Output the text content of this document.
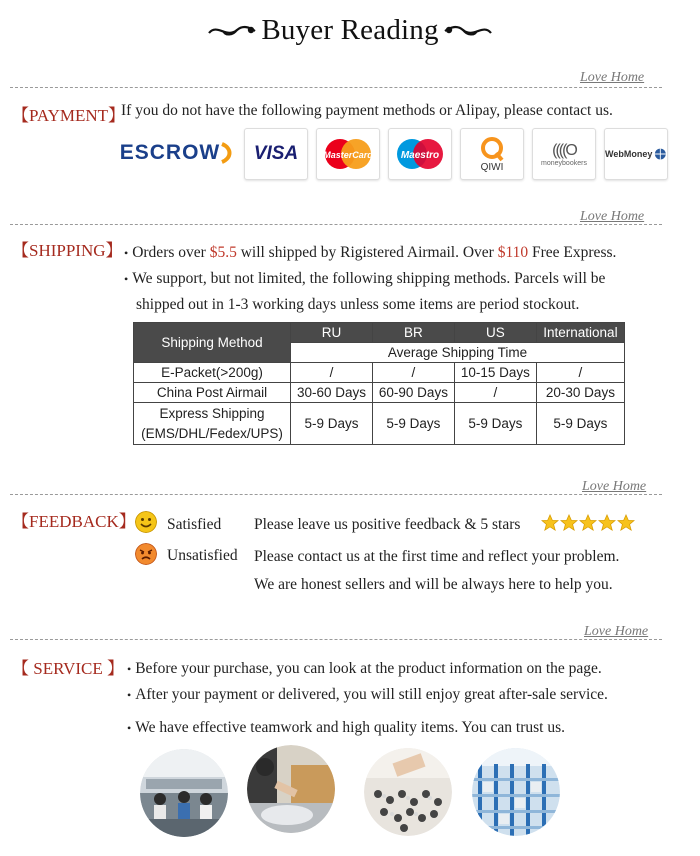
Buyer Reading
Love Home
【PAYMENT】
If you do not have the following payment methods or Alipay, please contact us.
ESCROW VISA	MasterCard	Maestro
QIWI
((((O
moneybookers
WebMoney
Love Home
【SHIPPING】 • Orders over $5.5 will shipped by Rigistered Airmail. Over $110 Free Express.
• We support, but not limited, the following shipping methods. Parcels will be
shipped out in 1-3 working days unless some items are period stockout.
Shipping Method	RU	BR	US	International
	Average Shipping Time			
E-Packet(>200g)	/	/	10-15 Days	/
China Post Airmail	30-60 Days	60-90 Days	/	20-30 Days

Express Shipping
(EMS/DHL/Fedex/UPS)	5-9 Days	5-9 Days	5-9 Days	5-9 Days
Love Home
【FEEDBACK】 Satisfied Please leave us positive feedback & 5 stars
Unsatisfied Please contact us at the first time and reflect your problem.
We are honest sellers and will be always here to help you.
Love Home
【 SERVICE 】 • Before your purchase, you can look at the product information on the page.
• After your payment or delivered, you will still enjoy great after-sale service.
• We have effective teamwork and high quality items. You can trust us.
